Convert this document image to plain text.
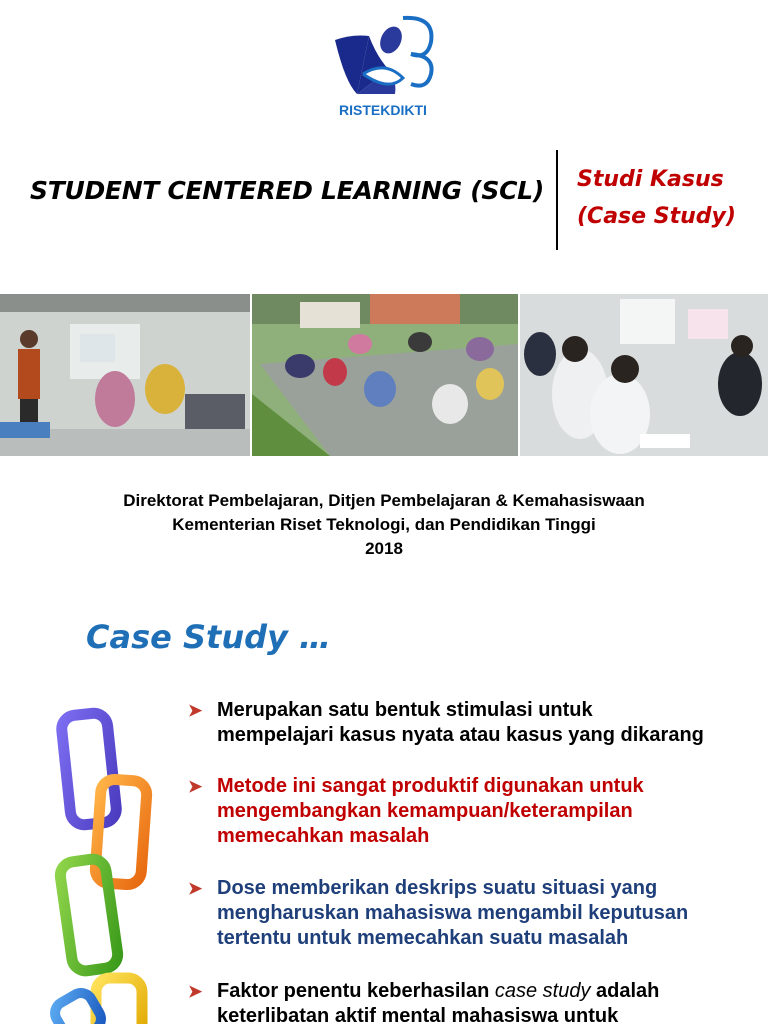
RISTEKDIKTI
STUDENT CENTERED LEARNING (SCL) Studi Kasus
(Case Study)
Direktorat Pembelajaran, Ditjen Pembelajaran & Kemahasiswaan
Kementerian Riset Teknologi, dan Pendidikan Tinggi
2018
Case Study …
➤ Merupakan satu bentuk stimulasi untuk
mempelajari kasus nyata atau kasus yang dikarang
➤ Metode ini sangat produktif digunakan untuk
mengembangkan kemampuan/keterampilan
memecahkan masalah
➤ Dose memberikan deskrips suatu situasi yang
mengharuskan mahasiswa mengambil keputusan
tertentu untuk memecahkan suatu masalah
➤ Faktor penentu keberhasilan case study adalah
keterlibatan aktif mental mahasiswa untuk
